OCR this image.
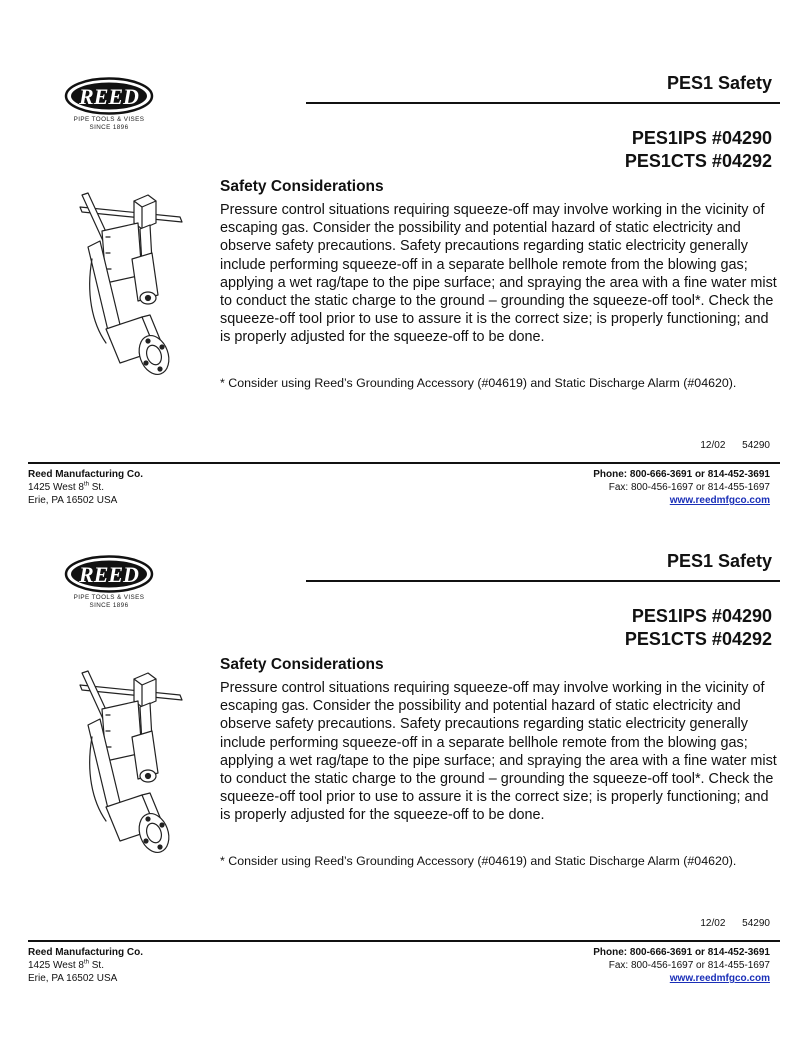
REED
PIPE TOOLS & VISES
SINCE 1896
PES1 Safety
PES1IPS #04290
PES1CTS #04292
Safety Considerations

Pressure control situations requiring squeeze-off may involve working in the vicinity of escaping gas. Consider the possibility and potential hazard of static electricity and observe safety precautions. Safety precautions regarding static electricity generally include performing squeeze-off in a separate bellhole remote from the blowing gas; applying a wet rag/tape to the pipe surface; and spraying the area with a fine water mist to conduct the static charge to the ground – grounding the squeeze-off tool*. Check the squeeze-off tool prior to use to assure it is the correct size; is properly functioning; and is properly adjusted for the squeeze-off to be done.

* Consider using Reed’s Grounding Accessory (#04619) and Static Discharge Alarm (#04620).

12/02 54290
Reed Manufacturing Co.
1425 West 8th St.
Erie, PA 16502 USA
Phone: 800-666-3691 or 814-452-3691
Fax: 800-456-1697 or 814-455-1697
www.reedmfgco.com
REED
PIPE TOOLS & VISES
SINCE 1896
PES1 Safety
PES1IPS #04290
PES1CTS #04292
Safety Considerations

Pressure control situations requiring squeeze-off may involve working in the vicinity of escaping gas. Consider the possibility and potential hazard of static electricity and observe safety precautions. Safety precautions regarding static electricity generally include performing squeeze-off in a separate bellhole remote from the blowing gas; applying a wet rag/tape to the pipe surface; and spraying the area with a fine water mist to conduct the static charge to the ground – grounding the squeeze-off tool*. Check the squeeze-off tool prior to use to assure it is the correct size; is properly functioning; and is properly adjusted for the squeeze-off to be done.

* Consider using Reed’s Grounding Accessory (#04619) and Static Discharge Alarm (#04620).

12/02 54290
Reed Manufacturing Co.
1425 West 8th St.
Erie, PA 16502 USA
Phone: 800-666-3691 or 814-452-3691
Fax: 800-456-1697 or 814-455-1697
www.reedmfgco.com
